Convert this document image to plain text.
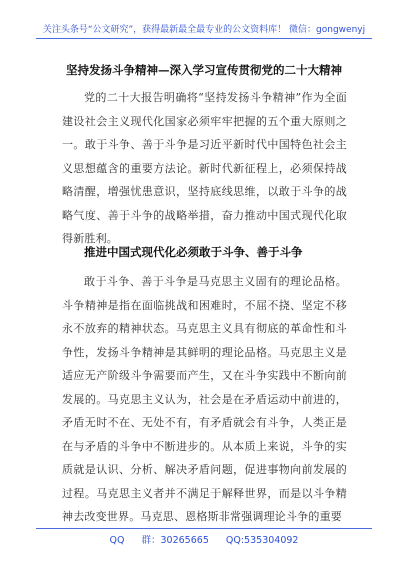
关注头条号“公文研究”，获得最新最全最专业的公文资料库！ 微信：gongwenyj
坚持发扬斗争精神—深入学习宣传贯彻党的二十大精神
党的二十大报告明确将“坚持发扬斗争精神”作为全面建设社会主义现代化国家必须牢牢把握的五个重大原则之一。敢于斗争、善于斗争是习近平新时代中国特色社会主义思想蕴含的重要方法论。新时代新征程上，必须保持战略清醒，增强忧患意识，坚持底线思维，以敢于斗争的战略气度、善于斗争的战略举措，奋力推动中国式现代化取得新胜利。
推进中国式现代化必须敢于斗争、善于斗争
敢于斗争、善于斗争是马克思主义固有的理论品格。斗争精神是指在面临挑战和困难时，不屈不挠、坚定不移永不放弃的精神状态。马克思主义具有彻底的革命性和斗争性，发扬斗争精神是其鲜明的理论品格。马克思主义是适应无产阶级斗争需要而产生，又在斗争实践中不断向前发展的。马克思主义认为，社会是在矛盾运动中前进的，矛盾无时不在、无处不有，有矛盾就会有斗争，人类正是在与矛盾的斗争中不断进步的。从本质上来说，斗争的实质就是认识、分析、解决矛盾问题，促进事物向前发展的过程。马克思主义者并不满足于解释世界，而是以斗争精神去改变世界。马克思、恩格斯非常强调理论斗争的重要
QQ 群：30265665 QQ:535304092
